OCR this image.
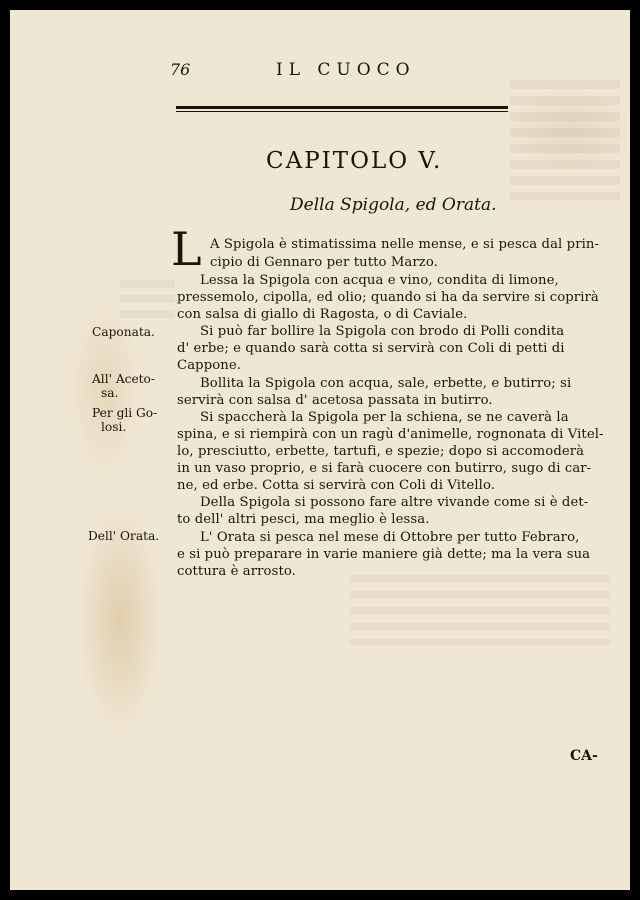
76	IL CUOCO
CAPITOLO V.
Della Spigola, ed Orata.
L A Spigola è stimatissima nelle mense, e si pesca dal prin-
cipio di Gennaro per tutto Marzo.
Lessa la Spigola con acqua e vino, condita di limone,
pressemolo, cipolla, ed olio; quando si ha da servire si coprirà
con salsa di giallo di Ragosta, o di Caviale.
Si può far bollire la Spigola con brodo di Polli condita
d' erbe; e quando sarà cotta si servirà con Coli di petti di
Cappone.
Bollita la Spigola con acqua, sale, erbette, e butirro; si
servirà con salsa d' acetosa passata in butirro.
Si spaccherà la Spigola per la schiena, se ne caverà la
spina, e si riempirà con un ragù d'animelle, rognonata di Vitel-
lo, presciutto, erbette, tartufi, e spezie; dopo si accomoderà
in un vaso proprio, e si farà cuocere con butirro, sugo di car-
ne, ed erbe. Cotta si servirà con Coli di Vitello.
Della Spigola si possono fare altre vivande come si è det-
to dell' altri pesci, ma meglio è lessa.
L' Orata si pesca nel mese di Ottobre per tutto Febraro,
e si può preparare in varie maniere già dette; ma la vera sua
cottura è arrosto.
Caponata.
All' Aceto-
sa.
Per gli Go-
losi.
Dell' Orata.
CA-
